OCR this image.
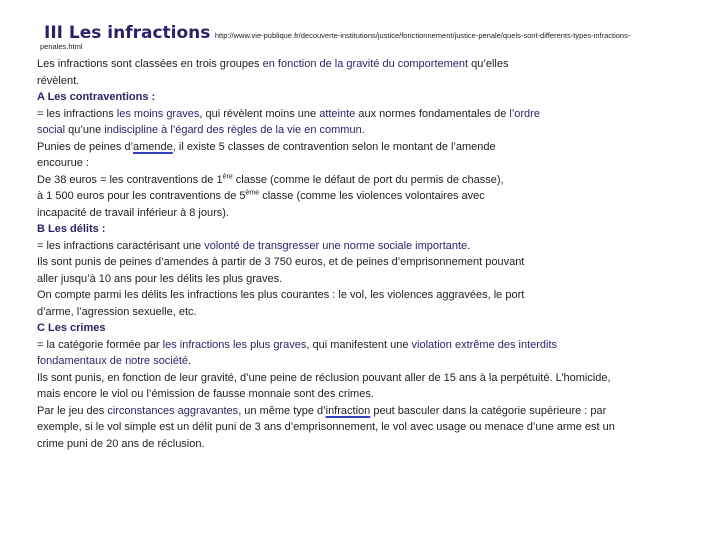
III Les infractions http://www.vie-publique.fr/decouverte-institutions/justice/fonctionnement/justice-penale/quels-sont-differents-types-infractions-
penales.html

Les infractions sont classées en trois groupes en fonction de la gravité du comportement qu’elles

révèlent.

A Les contraventions :

= les infractions les moins graves, qui révèlent moins une atteinte aux normes fondamentales de l’ordre

social qu’une indiscipline à l’égard des règles de la vie en commun.

Punies de peines d’amende, il existe 5 classes de contravention selon le montant de l’amende

encourue :

De 38 euros = les contraventions de 1ère classe (comme le défaut de port du permis de chasse),

à 1 500 euros pour les contraventions de 5ème classe (comme les violences volontaires avec

incapacité de travail inférieur à 8 jours).

B Les délits :

= les infractions caractérisant une volonté de transgresser une norme sociale importante.

Ils sont punis de peines d’amendes à partir de 3 750 euros, et de peines d’emprisonnement pouvant

aller jusqu’à 10 ans pour les délits les plus graves.

On compte parmi les délits les infractions les plus courantes : le vol, les violences aggravées, le port

d’arme, l’agression sexuelle, etc.

C Les crimes

= la catégorie formée par les infractions les plus graves, qui manifestent une violation extrême des interdits

fondamentaux de notre société.

Ils sont punis, en fonction de leur gravité, d’une peine de réclusion pouvant aller de 15 ans à la perpétuité. L’homicide,

mais encore le viol ou l’émission de fausse monnaie sont des crimes.

Par le jeu des circonstances aggravantes, un même type d’infraction peut basculer dans la catégorie supérieure : par

exemple, si le vol simple est un délit puni de 3 ans d’emprisonnement, le vol avec usage ou menace d’une arme est un

crime puni de 20 ans de réclusion.
